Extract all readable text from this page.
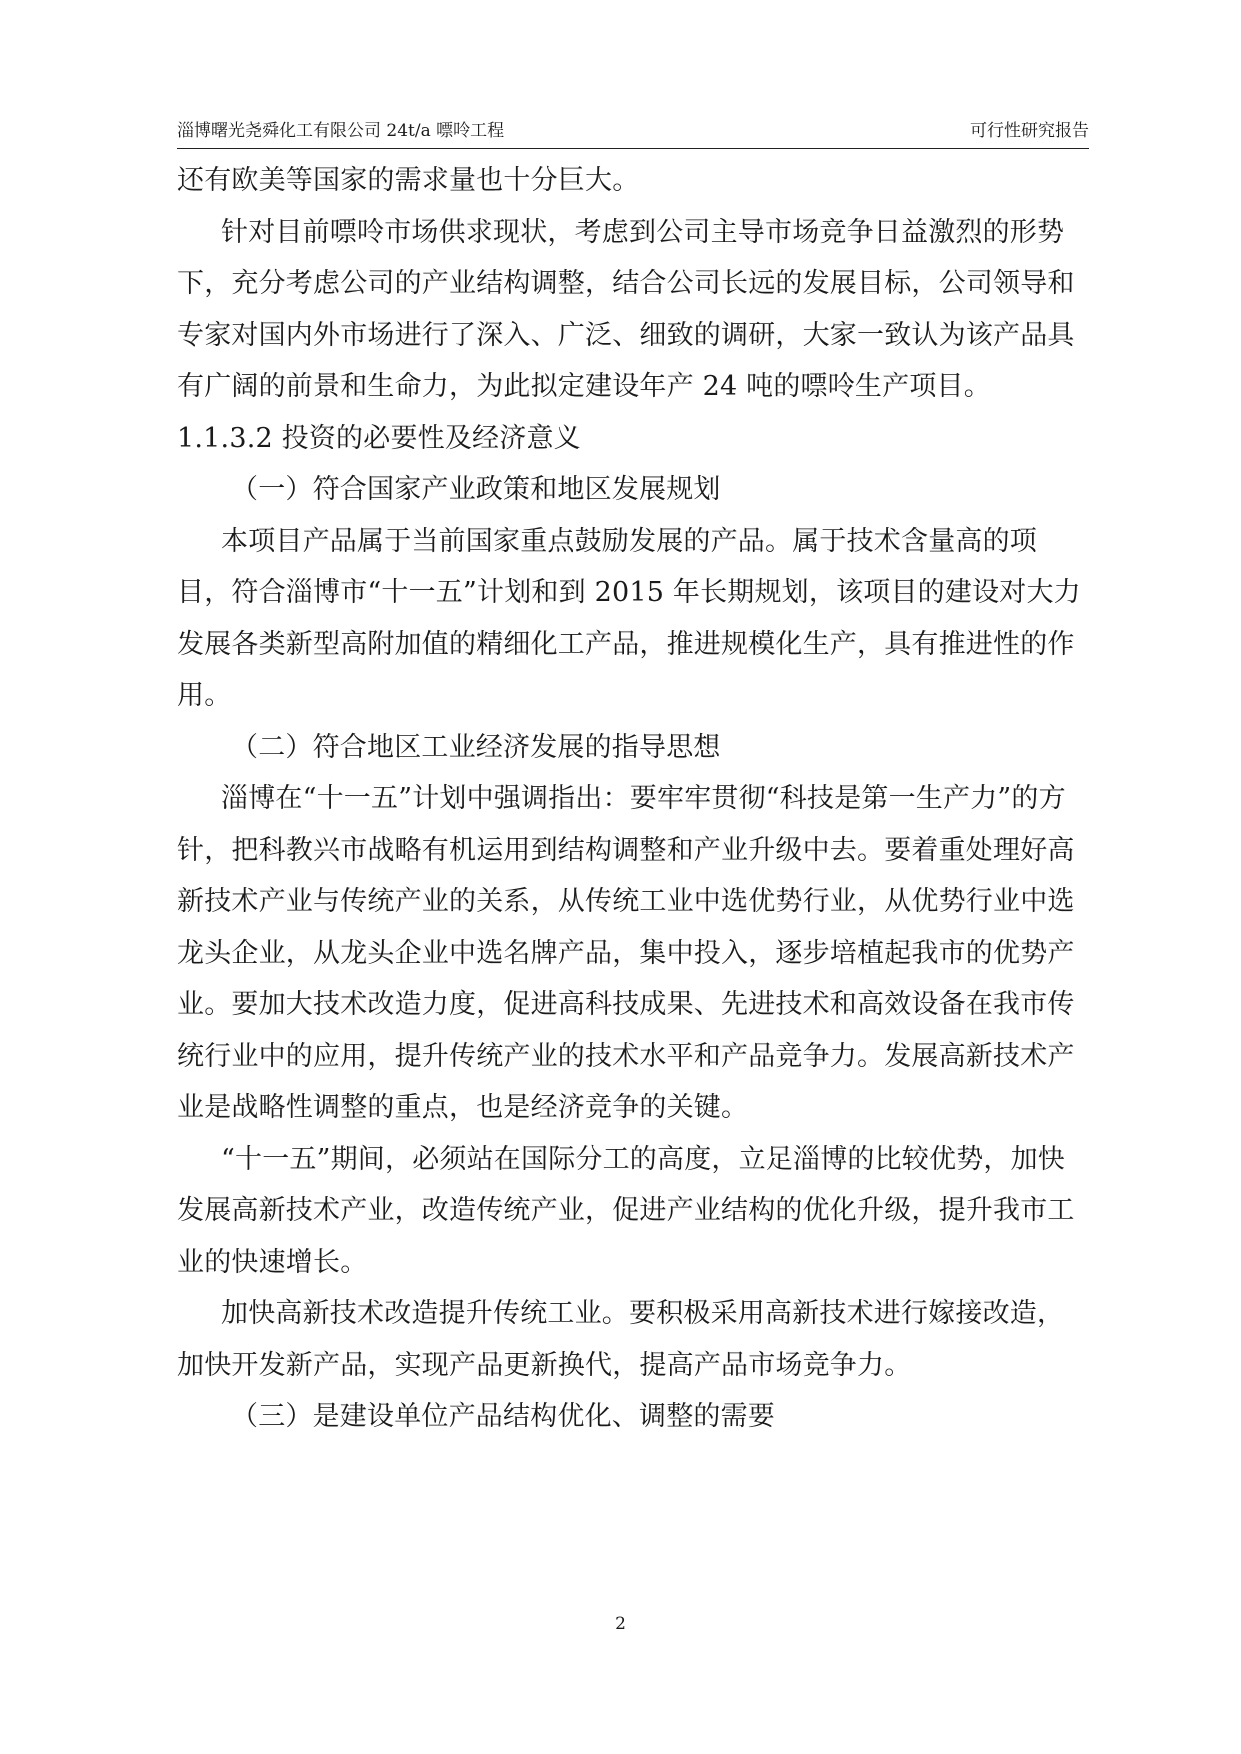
淄博曙光尧舜化工有限公司 24t/a 嘌呤工程	可行性研究报告

还有欧美等国家的需求量也十分巨大。

针对目前嘌呤市场供求现状，考虑到公司主导市场竞争日益激烈的形势下，充分考虑公司的产业结构调整，结合公司长远的发展目标，公司领导和专家对国内外市场进行了深入、广泛、细致的调研，大家一致认为该产品具有广阔的前景和生命力，为此拟定建设年产 24 吨的嘌呤生产项目。

1.1.3.2 投资的必要性及经济意义

（一）符合国家产业政策和地区发展规划

本项目产品属于当前国家重点鼓励发展的产品。属于技术含量高的项目，符合淄博市“十一五”计划和到 2015 年长期规划，该项目的建设对大力发展各类新型高附加值的精细化工产品，推进规模化生产，具有推进性的作用。

（二）符合地区工业经济发展的指导思想

淄博在“十一五”计划中强调指出：要牢牢贯彻“科技是第一生产力”的方针，把科教兴市战略有机运用到结构调整和产业升级中去。要着重处理好高新技术产业与传统产业的关系，从传统工业中选优势行业，从优势行业中选龙头企业，从龙头企业中选名牌产品，集中投入，逐步培植起我市的优势产业。要加大技术改造力度，促进高科技成果、先进技术和高效设备在我市传统行业中的应用，提升传统产业的技术水平和产品竞争力。发展高新技术产业是战略性调整的重点，也是经济竞争的关键。

“十一五”期间，必须站在国际分工的高度，立足淄博的比较优势，加快发展高新技术产业，改造传统产业，促进产业结构的优化升级，提升我市工业的快速增长。

加快高新技术改造提升传统工业。要积极采用高新技术进行嫁接改造，加快开发新产品，实现产品更新换代，提高产品市场竞争力。

（三）是建设单位产品结构优化、调整的需要

2
